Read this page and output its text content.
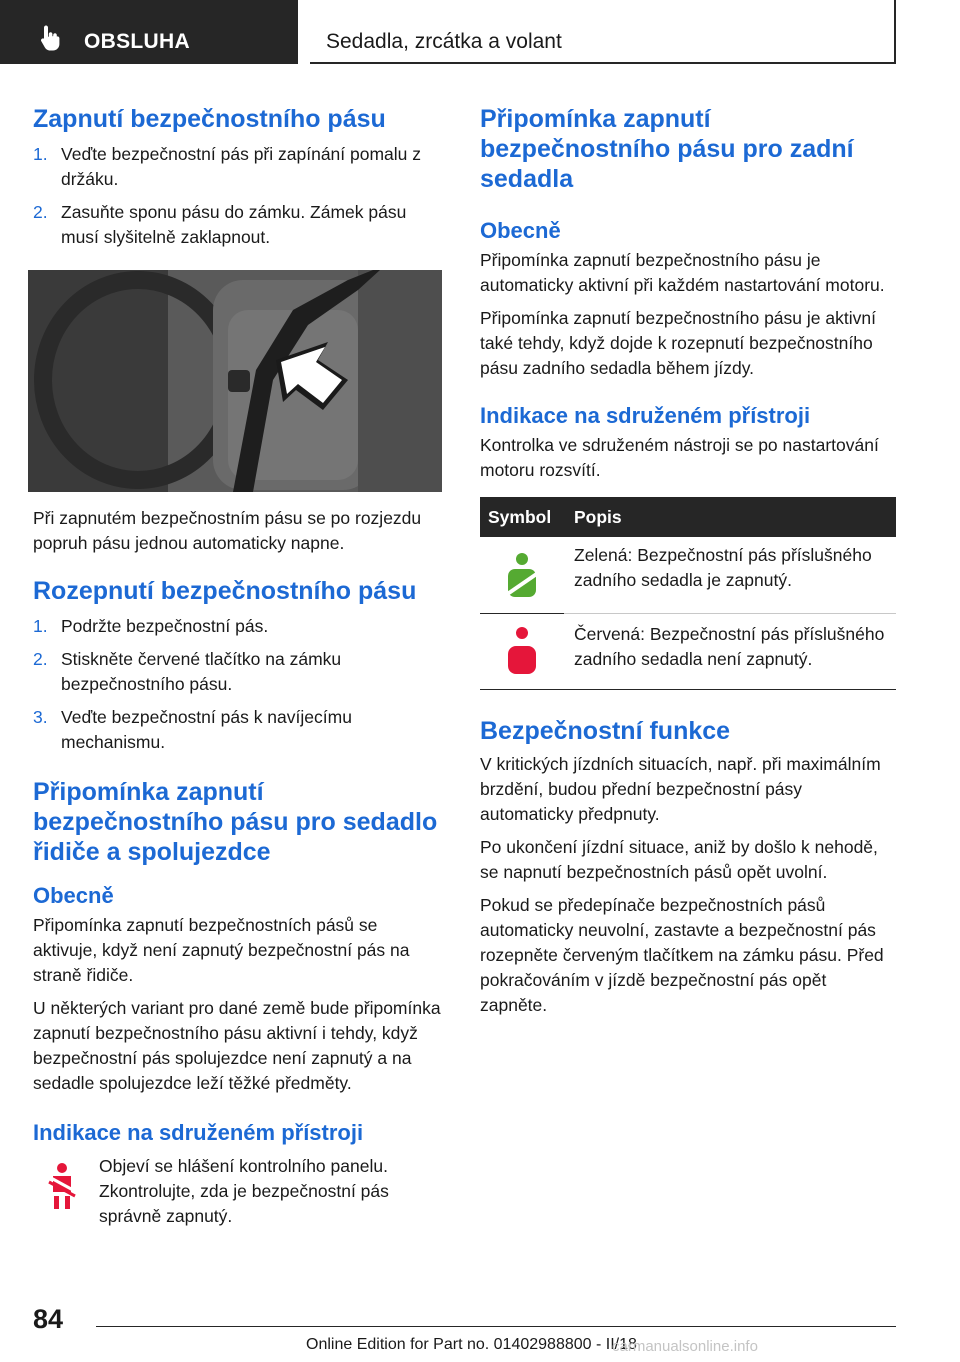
OBSLUHA	Sedadla, zrcátka a volant
Zapnutí bezpečnostního pásu
1. Veďte bezpečnostní pás při zapínání pomalu z držáku.
2. Zasuňte sponu pásu do zámku. Zámek pásu musí slyšitelně zaklapnout.

Při zapnutém bezpečnostním pásu se po rozjezdu popruh pásu jednou automaticky napne.

Rozepnutí bezpečnostního pásu
1. Podržte bezpečnostní pás.
2. Stiskněte červené tlačítko na zámku bezpečnostního pásu.
3. Veďte bezpečnostní pás k navíjecímu mechanismu.
Připomínka zapnutí bezpečnostního pásu pro sedadlo řidiče a spolujezdce
Obecně

Připomínka zapnutí bezpečnostních pásů se aktivuje, když není zapnutý bezpečnostní pás na straně řidiče.

U některých variant pro dané země bude připomínka zapnutí bezpečnostního pásu aktivní i tehdy, když bezpečnostní pás spolujezdce není zapnutý a na sedadle spolujezdce leží těžké předměty.

Indikace na sdruženém přístroji

Objeví se hlášení kontrolního panelu. Zkontrolujte, zda je bezpečnostní pás správně zapnutý.

Připomínka zapnutí bezpečnostního pásu pro zadní sedadla
Obecně

Připomínka zapnutí bezpečnostního pásu je automaticky aktivní při každém nastartování motoru.

Připomínka zapnutí bezpečnostního pásu je aktivní také tehdy, když dojde k rozepnutí bezpečnostního pásu zadního sedadla během jízdy.

Indikace na sdruženém přístroji

Kontrolka ve sdruženém nástroji se po nastartování motoru rozsvítí.

Symbol	Popis

	Zelená: Bezpečnostní pás příslušného zadního sedadla je zapnutý.

	Červená: Bezpečnostní pás příslušného zadního sedadla není zapnutý.
Bezpečnostní funkce

V kritických jízdních situacích, např. při maximálním brzdění, budou přední bezpečnostní pásy automaticky předpnuty.

Po ukončení jízdní situace, aniž by došlo k nehodě, se napnutí bezpečnostních pásů opět uvolní.

Pokud se předepínače bezpečnostních pásů automaticky neuvolní, zastavte a bezpečnostní pás rozepněte červeným tlačítkem na zámku pásu. Před pokračováním v jízdě bezpečnostní pás opět zapněte.

84
Online Edition for Part no. 01402988800 - II/18
carmanualsonline.info
